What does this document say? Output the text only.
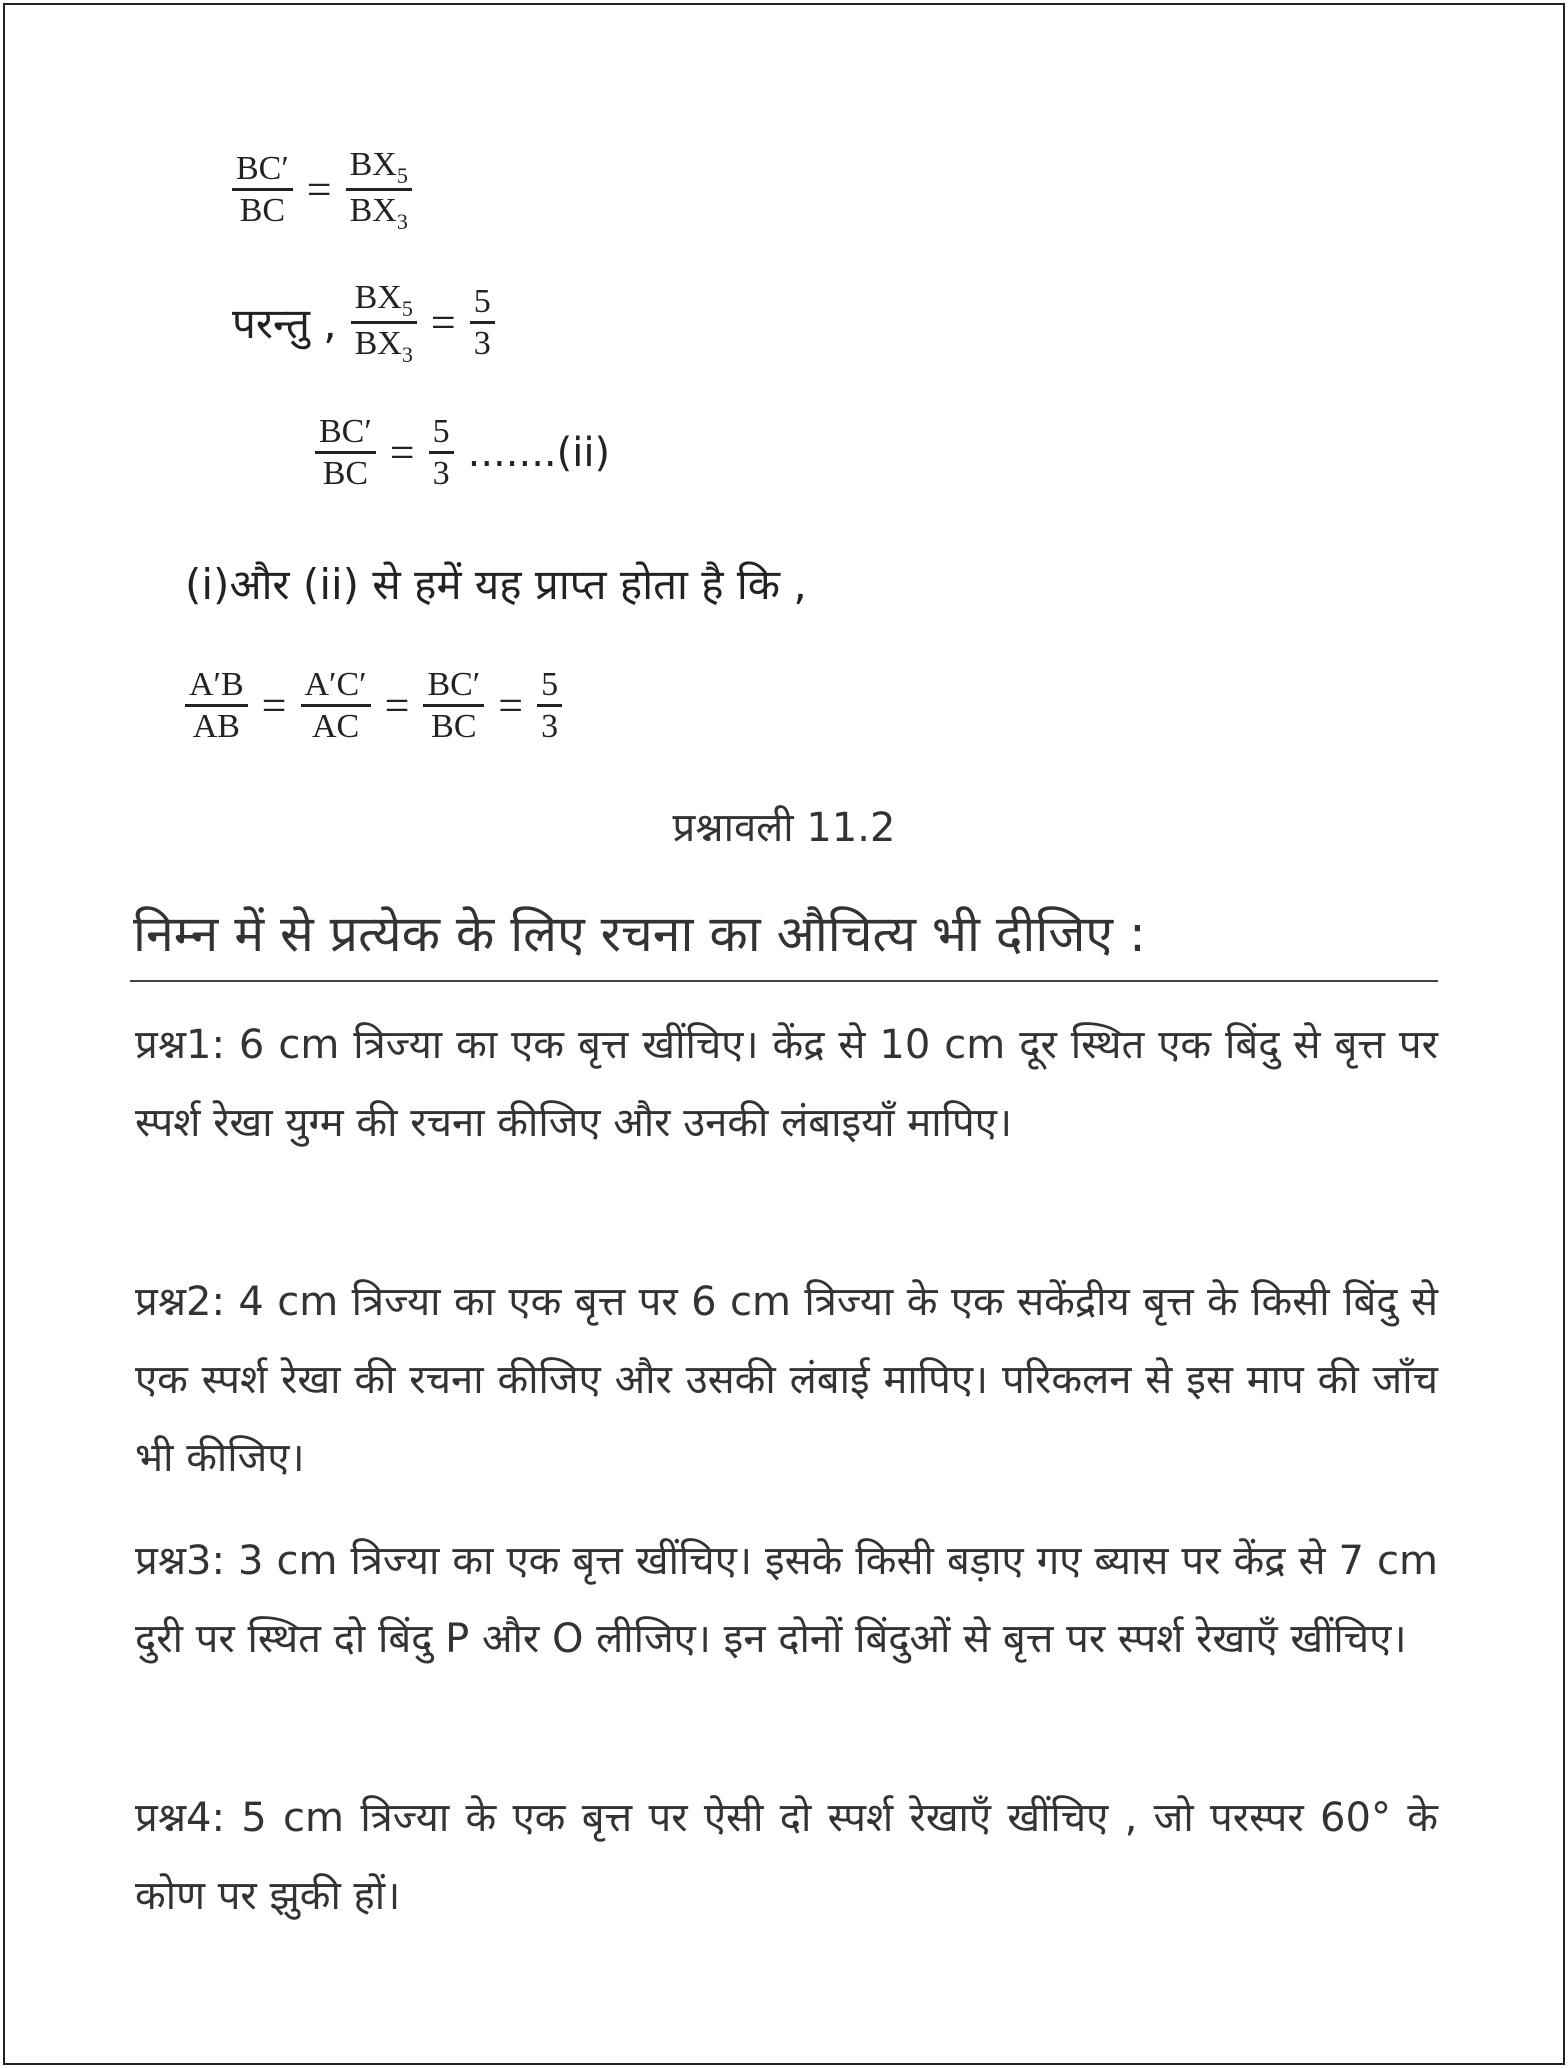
$\frac{BC'}{BC} = \frac{BX_5}{BX_3}$
परन्तु , $\frac{BX_5}{BX_3} = \frac{5}{3}$
$\frac{BC'}{BC} = \frac{5}{3} .......(ii)$
(i)और (ii) से हमें यह प्राप्त होता है कि ,
$\frac{A'B}{AB} = \frac{A'C'}{AC} = \frac{BC'}{BC} = \frac{5}{3}$
प्रश्नावली 11.2
निम्न में से प्रत्येक के लिए रचना का औचित्य भी दीजिए :
प्रश्न1: 6 cm त्रिज्या का एक बृत्त खींचिए। केंद्र से 10 cm दूर स्थित एक बिंदु से बृत्त पर स्पर्श रेखा युग्म की रचना कीजिए और उनकी लंबाइयाँ मापिए।
प्रश्न2: 4 cm त्रिज्या का एक बृत्त पर 6 cm त्रिज्या के एक सकेंद्रीय बृत्त के किसी बिंदु से एक स्पर्श रेखा की रचना कीजिए और उसकी लंबाई मापिए। परिकलन से इस माप की जाँच भी कीजिए।
प्रश्न3: 3 cm त्रिज्या का एक बृत्त खींचिए। इसके किसी बड़ाए गए ब्यास पर केंद्र से 7 cm दुरी पर स्थित दो बिंदु P और O लीजिए। इन दोनों बिंदुओं से बृत्त पर स्पर्श रेखाएँ खींचिए।
प्रश्न4: 5 cm त्रिज्या के एक बृत्त पर ऐसी दो स्पर्श रेखाएँ खींचिए , जो परस्पर 60° के कोण पर झुकी हों।
